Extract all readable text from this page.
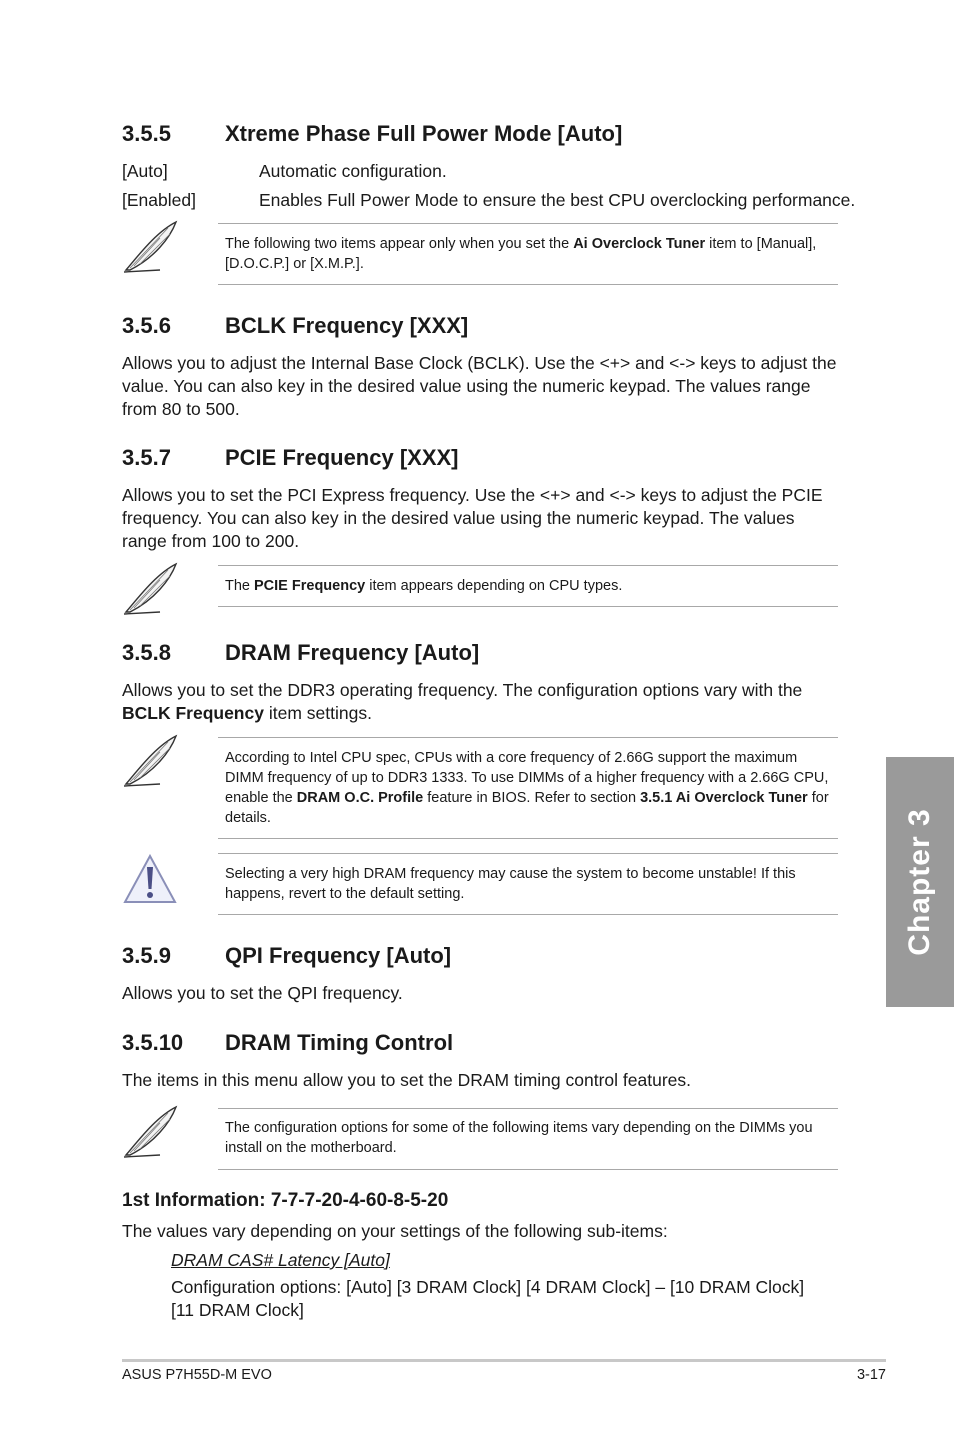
3.5.5 Xtreme Phase Full Power Mode [Auto]
[Auto]	Automatic configuration.
[Enabled]	Enables Full Power Mode to ensure the best CPU overclocking performance.
The following two items appear only when you set the Ai Overclock Tuner item to [Manual], [D.O.C.P.] or [X.M.P.].
3.5.6 BCLK Frequency [XXX]
Allows you to adjust the Internal Base Clock (BCLK). Use the <+> and <-> keys to adjust the value. You can also key in the desired value using the numeric keypad. The values range from 80 to 500.
3.5.7 PCIE Frequency [XXX]
Allows you to set the PCI Express frequency. Use the <+> and <-> keys to adjust the PCIE frequency. You can also key in the desired value using the numeric keypad. The values range from 100 to 200.
The PCIE Frequency item appears depending on CPU types.
3.5.8 DRAM Frequency [Auto]
Allows you to set the DDR3 operating frequency. The configuration options vary with the BCLK Frequency item settings.
According to Intel CPU spec, CPUs with a core frequency of 2.66G support the maximum DIMM frequency of up to DDR3 1333. To use DIMMs of a higher frequency with a 2.66G CPU, enable the DRAM O.C. Profile feature in BIOS. Refer to section 3.5.1 Ai Overclock Tuner for details.
Selecting a very high DRAM frequency may cause the system to become unstable! If this happens, revert to the default setting.
3.5.9 QPI Frequency [Auto]
Allows you to set the QPI frequency.
3.5.10 DRAM Timing Control
The items in this menu allow you to set the DRAM timing control features.
The configuration options for some of the following items vary depending on the DIMMs you install on the motherboard.
1st Information: 7-7-7-20-4-60-8-5-20
The values vary depending on your settings of the following sub-items:
DRAM CAS# Latency [Auto]
Configuration options: [Auto] [3 DRAM Clock] [4 DRAM Clock] – [10 DRAM Clock] [11 DRAM Clock]
Chapter 3
ASUS P7H55D-M EVO	3-17
